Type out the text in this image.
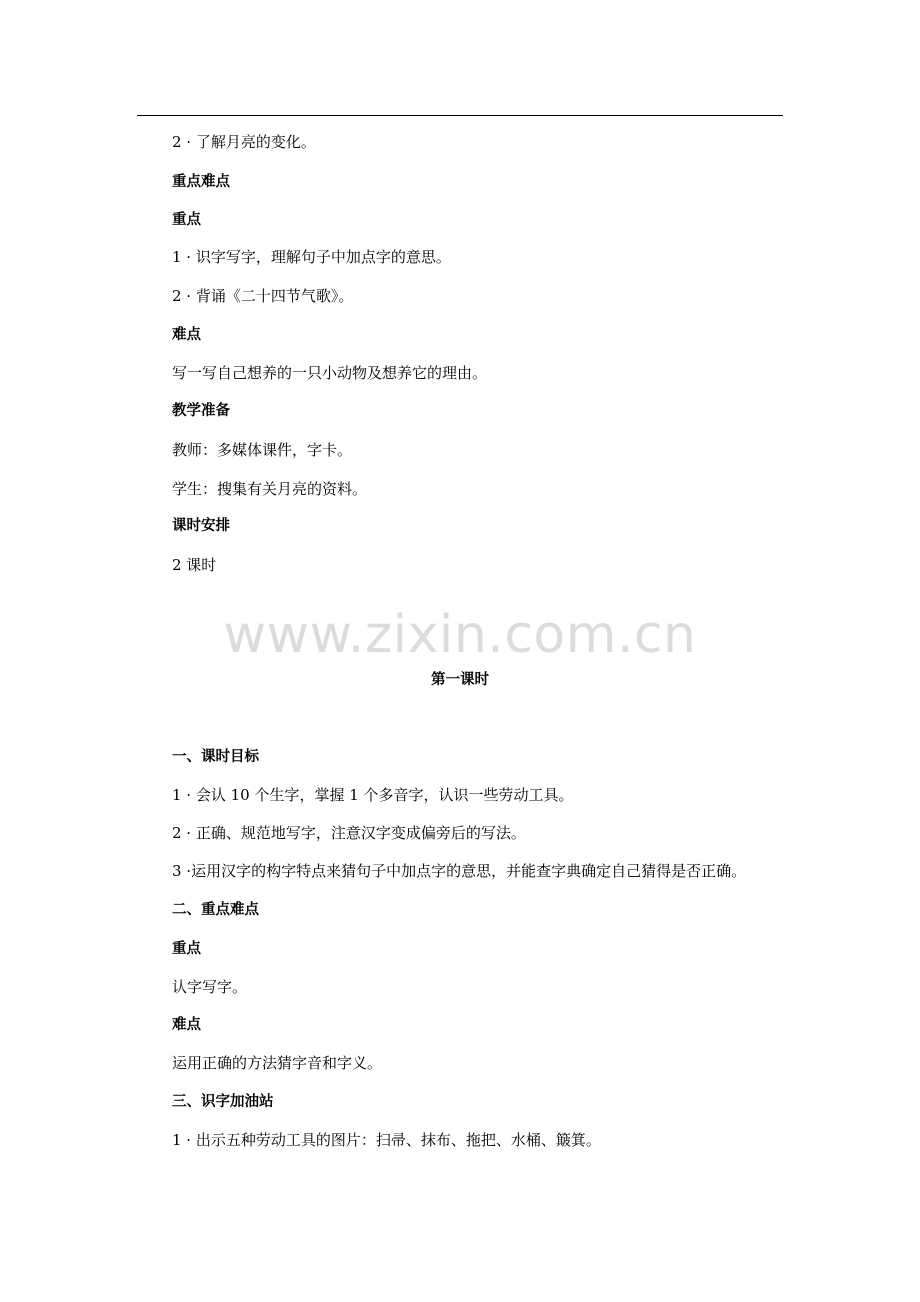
www.zixin.com.cn
2 · 了解月亮的变化。
重点难点
重点
1 · 识字写字，理解句子中加点字的意思。
2 · 背诵《二十四节气歌》。
难点
写一写自己想养的一只小动物及想养它的理由。
教学准备
教师：多媒体课件，字卡。
学生：搜集有关月亮的资料。
课时安排
2 课时
第一课时
一、课时目标
1 · 会认 10 个生字，掌握 1 个多音字，认识一些劳动工具。
2 · 正确、规范地写字，注意汉字变成偏旁后的写法。
3 ·运用汉字的构字特点来猜句子中加点字的意思，并能查字典确定自己猜得是否正确。
二、重点难点
重点
认字写字。
难点
运用正确的方法猜字音和字义。
三、识字加油站
1 · 出示五种劳动工具的图片：扫帚、抹布、拖把、水桶、簸箕。
